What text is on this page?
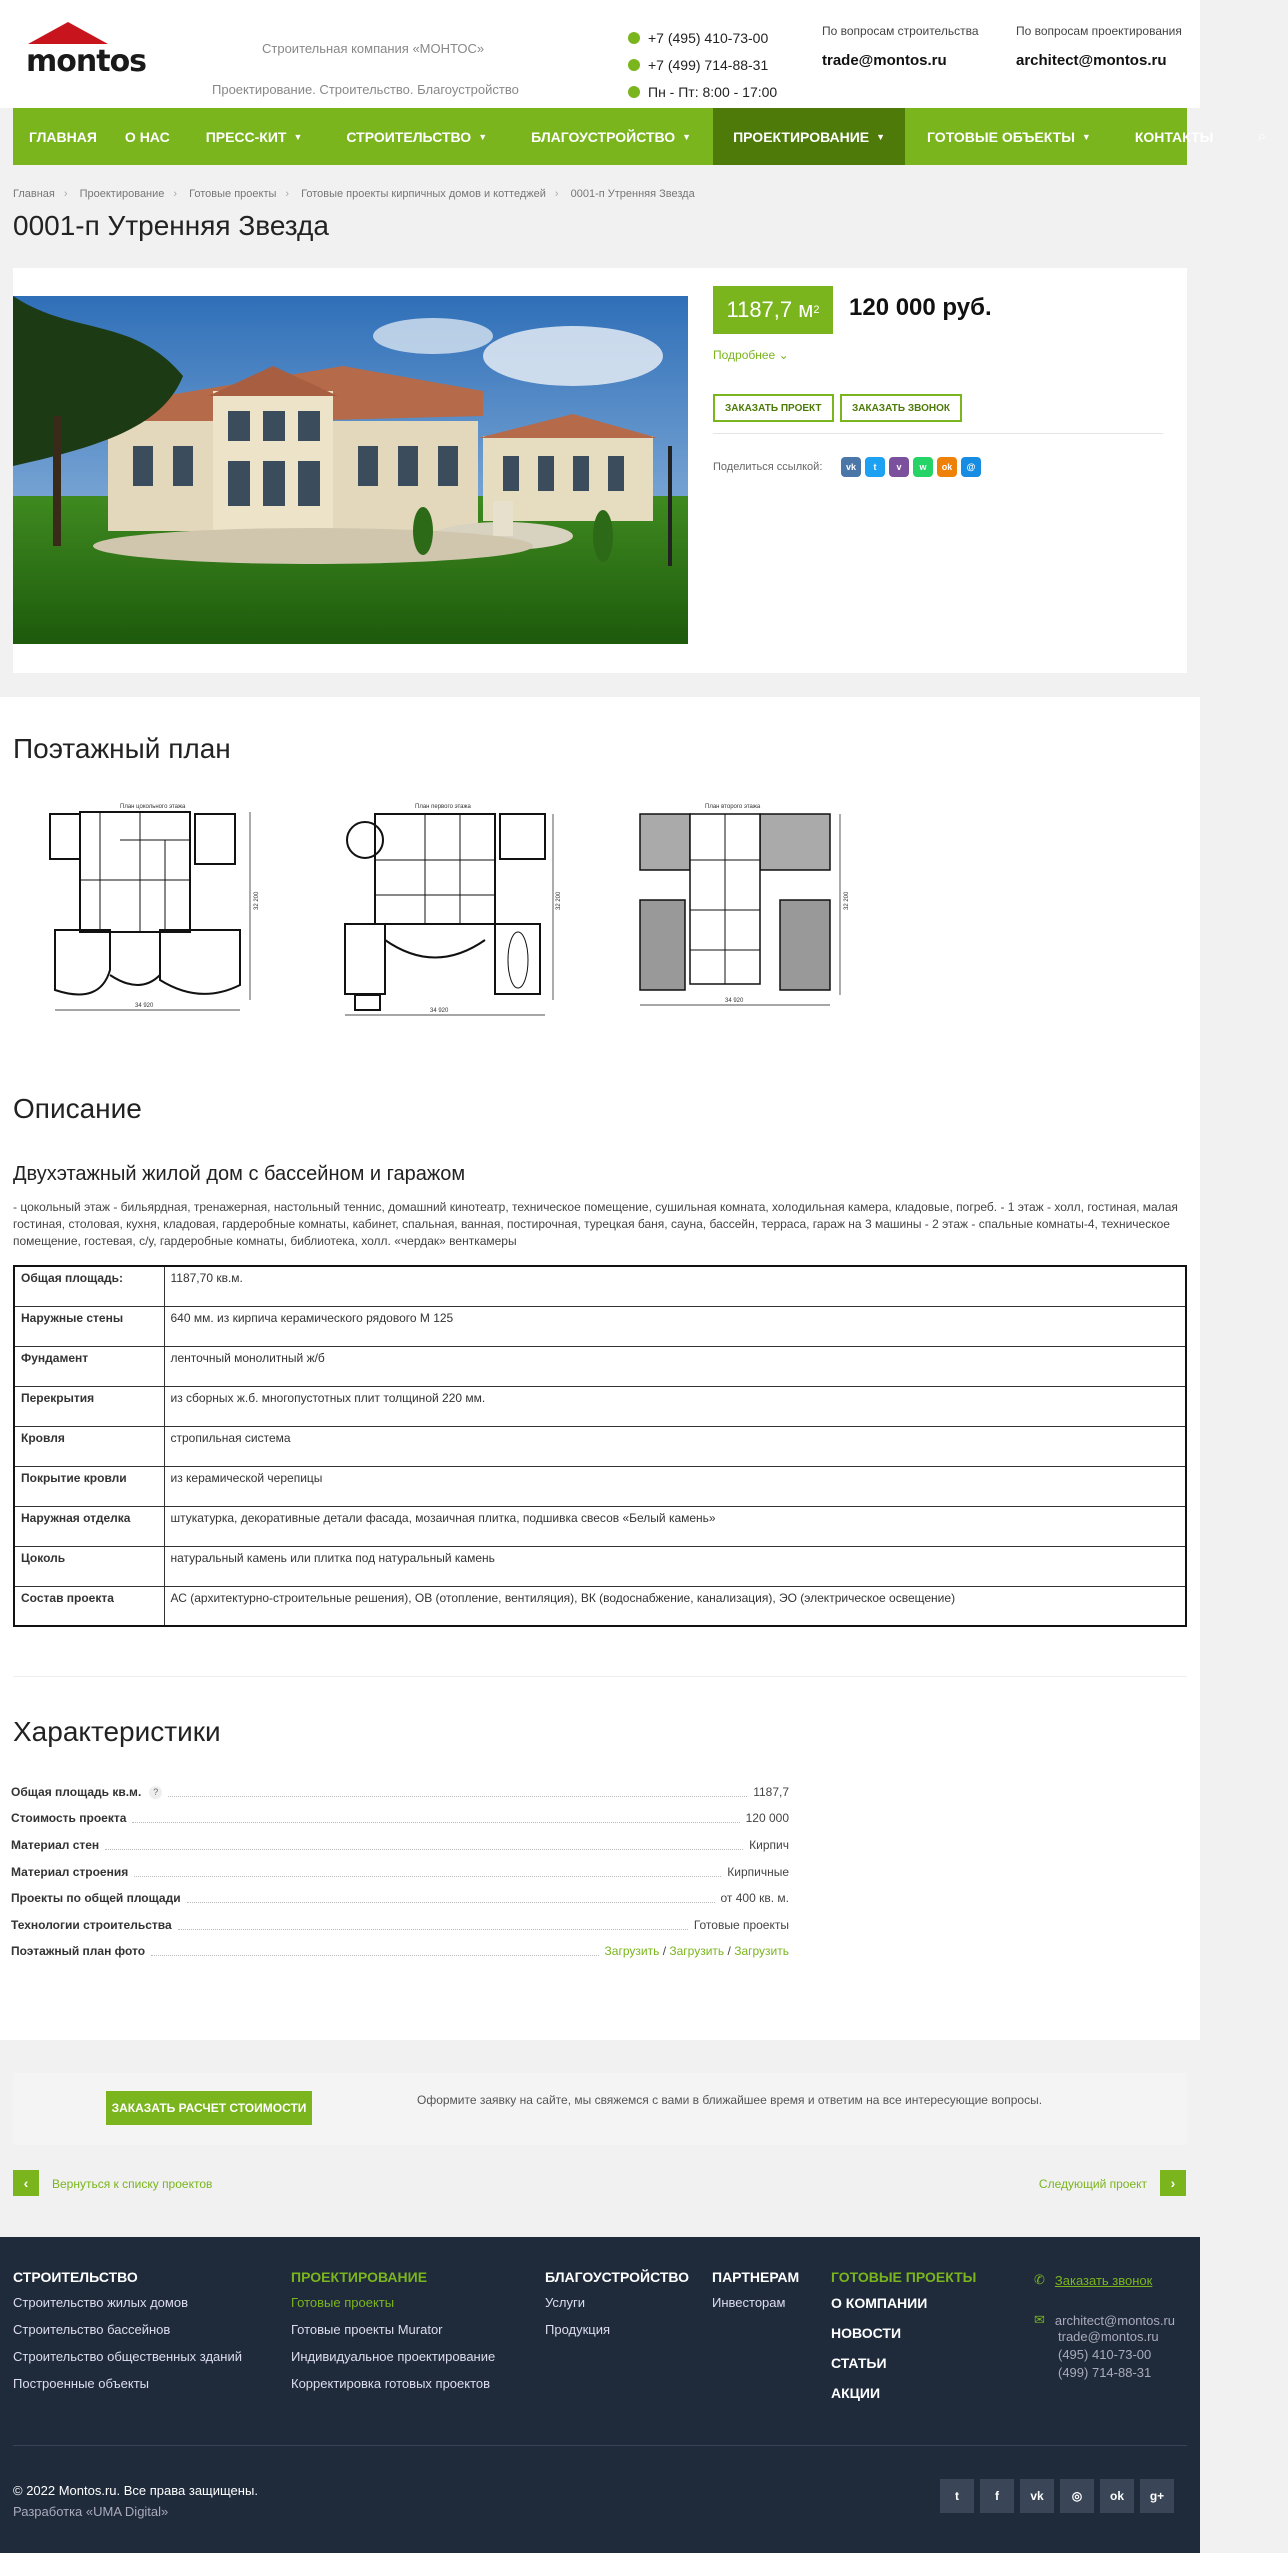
montos	Строительная компания «МОНТОС»
Проектирование. Строительство. Благоустройство
+7 (495) 410-73-00
+7 (499) 714-88-31
Пн - Пт: 8:00 - 17:00
По вопросам строительства
trade@montos.ru
По вопросам проектирования
architect@montos.ru
ГЛАВНАЯ О НАС	ПРЕСС-КИТ ▼	СТРОИТЕЛЬСТВО ▼	БЛАГОУСТРОЙСТВО ▼	ПРОЕКТИРОВАНИЕ ▼	ГОТОВЫЕ ОБЪЕКТЫ ▼	КОНТАКТЫ	⌕
Главная › Проектирование › Готовые проекты › Готовые проекты кирпичных домов и коттеджей › 0001-п Утренняя Звезда
0001-п Утренняя Звезда
1187,7 м 2 120 000 руб.
Подробнее ⌄
ЗАКАЗАТЬ ПРОЕКТ	ЗАКАЗАТЬ ЗВОНОК
Поделиться ссылкой:	vk	t	v	w	ok	@
Поэтажный план
План цокольного этажа
34 920
32 200
План первого этажа
34 920
32 200
План второго этажа
34 920
32 200
Описание
Двухэтажный жилой дом с бассейном и гаражом
- цокольный этаж - бильярдная, тренажерная, настольный теннис, домашний кинотеатр, техническое помещение, сушильная комната, холодильная камера, кладовые, погреб. - 1 этаж - холл, гостиная, малая гостиная, столовая, кухня, кладовая, гардеробные комнаты, кабинет, спальная, ванная, постирочная, турецкая баня, сауна, бассейн, терраса, гараж на 3 машины - 2 этаж - спальные комнаты-4, техническое помещение, гостевая, с/у, гардеробные комнаты, библиотека, холл. «чердак» венткамеры
Общая площадь:	1187,70 кв.м.
Наружные стены	640 мм. из кирпича керамического рядового М 125
Фундамент	ленточный монолитный ж/б
Перекрытия	из сборных ж.б. многопустотных плит толщиной 220 мм.
Кровля	стропильная система
Покрытие кровли	из керамической черепицы
Наружная отделка	штукатурка, декоративные детали фасада, мозаичная плитка, подшивка свесов «Белый камень»
Цоколь	натуральный камень или плитка под натуральный камень
Состав проекта	АС (архитектурно-строительные решения), ОВ (отопление, вентиляция), ВК (водоснабжение, канализация), ЭО (электрическое освещение)
Характеристики
Общая площадь кв.м.	?	1187,7
Стоимость проекта	120 000
Материал стен	Кирпич
Материал строения	Кирпичные
Проекты по общей площади	от 400 кв. м.
Технологии строительства	Готовые проекты
Поэтажный план фото	Загрузить / Загрузить / Загрузить
ЗАКАЗАТЬ РАСЧЕТ СТОИМОСТИ
Оформите заявку на сайте, мы свяжемся с вами в ближайшее время и ответим на все интересующие вопросы.
‹	Вернуться к списку проектов	Следующий проект	›
СТРОИТЕЛЬСТВО
Строительство жилых домов
Строительство бассейнов
Строительство общественных зданий
Построенные объекты
ПРОЕКТИРОВАНИЕ
Готовые проекты
Готовые проекты Murator
Индивидуальное проектирование
Корректировка готовых проектов
БЛАГОУСТРОЙСТВО
Услуги
Продукция
ПАРТНЕРАМ
Инвесторам
ГОТОВЫЕ ПРОЕКТЫ
О КОМПАНИИ
НОВОСТИ
СТАТЬИ
АКЦИИ
✆ Заказать звонок
✉ architect@montos.ru
trade@montos.ru
(495) 410-73-00
(499) 714-88-31
© 2022 Montos.ru. Все права защищены.
Разработка «UMA Digital»
t	f	vk	◎	ok	g+
